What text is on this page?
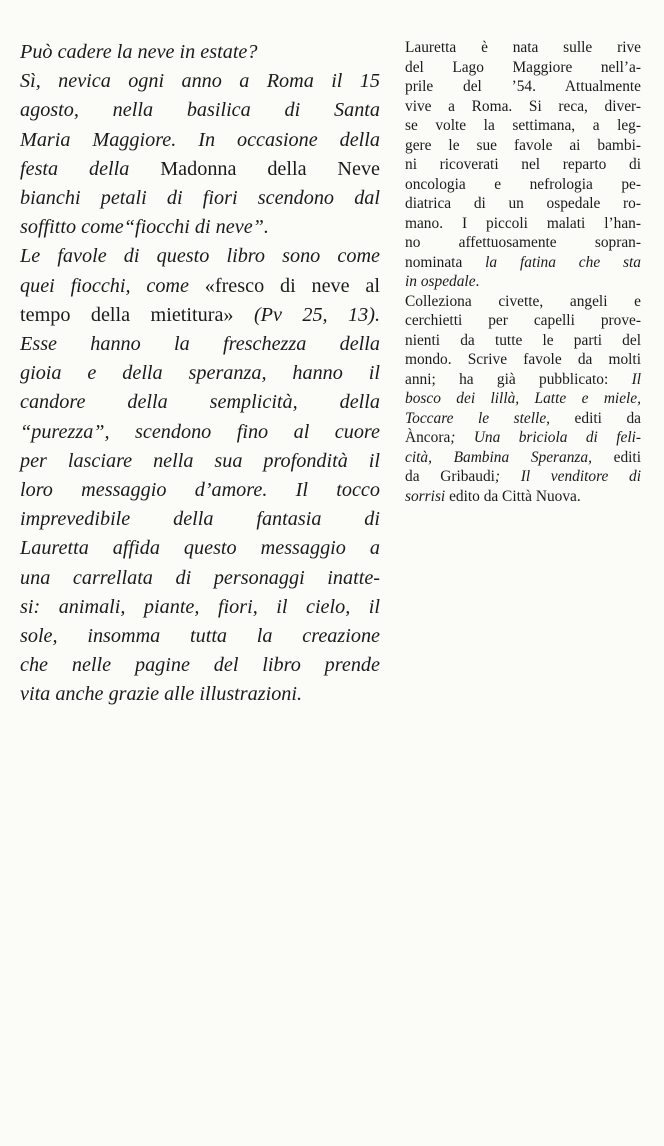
Può cadere la neve in estate?
Sì, nevica ogni anno a Roma il 15
agosto, nella basilica di Santa
Maria Maggiore. In occasione della
festa della Madonna della Neve
bianchi petali di fiori scendono dal
soffitto come“fiocchi di neve”.
Le favole di questo libro sono come
quei fiocchi, come «fresco di neve al
tempo della mietitura» (Pv 25, 13).
Esse hanno la freschezza della
gioia e della speranza, hanno il
candore della semplicità, della
“purezza”, scendono fino al cuore
per lasciare nella sua profondità il
loro messaggio d’amore. Il tocco
imprevedibile della fantasia di
Lauretta affida questo messaggio a
una carrellata di personaggi inatte-
si: animali, piante, fiori, il cielo, il
sole, insomma tutta la creazione
che nelle pagine del libro prende
vita anche grazie alle illustrazioni.
Lauretta è nata sulle rive
del Lago Maggiore nell’a-
prile del ’54. Attualmente
vive a Roma. Si reca, diver-
se volte la settimana, a leg-
gere le sue favole ai bambi-
ni ricoverati nel reparto di
oncologia e nefrologia pe-
diatrica di un ospedale ro-
mano. I piccoli malati l’han-
no affettuosamente sopran-
nominata la fatina che sta
in ospedale.
Colleziona civette, angeli e
cerchietti per capelli prove-
nienti da tutte le parti del
mondo. Scrive favole da molti
anni; ha già pubblicato: Il
bosco dei lillà, Latte e miele,
Toccare le stelle, editi da
Àncora; Una briciola di feli-
cità, Bambina Speranza, editi
da Gribaudi; Il venditore di
sorrisi edito da Città Nuova.
